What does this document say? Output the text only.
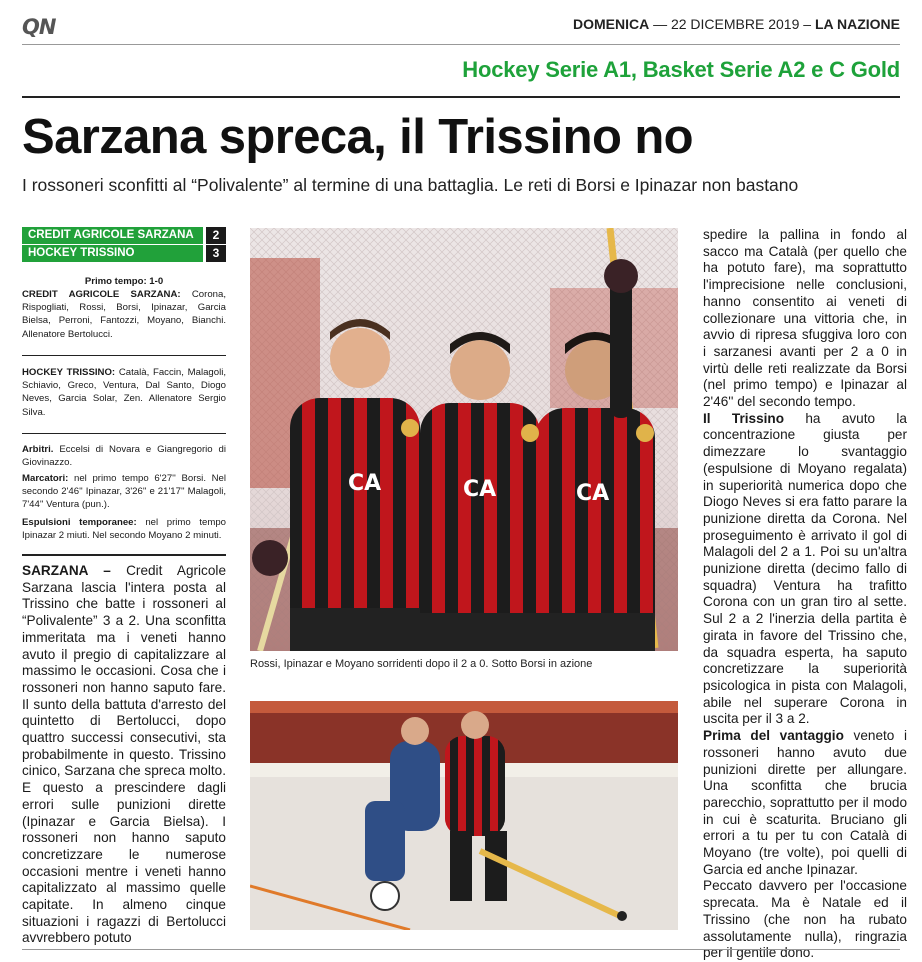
QN	DOMENICA — 22 DICEMBRE 2019 – LA NAZIONE
Hockey Serie A1, Basket Serie A2 e C Gold
Sarzana spreca, il Trissino no
I rossoneri sconfitti al “Polivalente” al termine di una battaglia. Le reti di Borsi e Ipinazar non bastano
CREDIT AGRICOLE SARZANA	2
HOCKEY TRISSINO	3
Primo tempo: 1-0
CREDIT AGRICOLE SARZANA: Corona, Rispogliati, Rossi, Borsi, Ipinazar, Garcia Bielsa, Perroni, Fantozzi, Moyano, Bianchi. Allenatore Bertolucci.
HOCKEY TRISSINO: Català, Faccin, Malagoli, Schiavio, Greco, Ventura, Dal Santo, Diogo Neves, Garcia Solar, Zen. Allenatore Sergio Silva.
Arbitri. Eccelsi di Novara e Giangregorio di Giovinazzo.
Marcatori: nel primo tempo 6'27'' Borsi. Nel secondo 2'46'' Ipinazar, 3'26'' e 21'17'' Malagoli, 7'44'' Ventura (pun.).
Espulsioni temporanee: nel primo tempo Ipinazar 2 miuti. Nel secondo Moyano 2 minuti.

SARZANA – Credit Agricole Sarzana lascia l'intera posta al Trissino che batte i rossoneri al “Polivalente” 3 a 2. Una sconfitta immeritata ma i veneti hanno avuto il pregio di capitalizzare al massimo le occasioni. Cosa che i rossoneri non hanno saputo fare. Il sunto della battuta d'arresto del quintetto di Bertolucci, dopo quattro successi consecutivi, sta probabilmente in questo. Trissino cinico, Sarzana che spreca molto.

E questo a prescindere dagli errori sulle punizioni dirette (Ipinazar e Garcia Bielsa). I rossoneri non hanno saputo concretizzare le numerose occasioni mentre i veneti hanno capitalizzato al massimo quelle capitate. In almeno cinque situazioni i ragazzi di Bertolucci avvrebbero potuto

CA	CA	CA
Rossi, Ipinazar e Moyano sorridenti dopo il 2 a 0. Sotto Borsi in azione

spedire la pallina in fondo al sacco ma Català (per quello che ha potuto fare), ma soprattutto l'imprecisione nelle conclusioni, hanno consentito ai veneti di collezionare una vittoria che, in avvio di ripresa sfuggiva loro con i sarzanesi avanti per 2 a 0 in virtù delle reti realizzate da Borsi (nel primo tempo) e Ipinazar al 2'46'' del secondo tempo.

Il Trissino ha avuto la concentrazione giusta per dimezzare lo svantaggio (espulsione di Moyano regalata) in superiorità numerica dopo che Diogo Neves si era fatto parare la punizione diretta da Corona. Nel proseguimento è arrivato il gol di Malagoli del 2 a 1. Poi su un'altra punizione diretta (decimo fallo di squadra) Ventura ha trafitto Corona con un gran tiro al sette. Sul 2 a 2 l'inerzia della partita è girata in favore del Trissino che, da squadra esperta, ha saputo concretizzare la superiorità psicologica in pista con Malagoli, abile nel superare Corona in uscita per il 3 a 2.

Prima del vantaggio veneto i rossoneri hanno avuto due punizioni dirette per allungare. Una sconfitta che brucia parecchio, soprattutto per il modo in cui è scaturita. Bruciano gli errori a tu per tu con Català di Moyano (tre volte), poi quelli di Garcia ed anche Ipinazar.

Peccato davvero per l'occasione sprecata. Ma è Natale ed il Trissino (che non ha rubato assolutamente nulla), ringrazia per il gentile dono.
